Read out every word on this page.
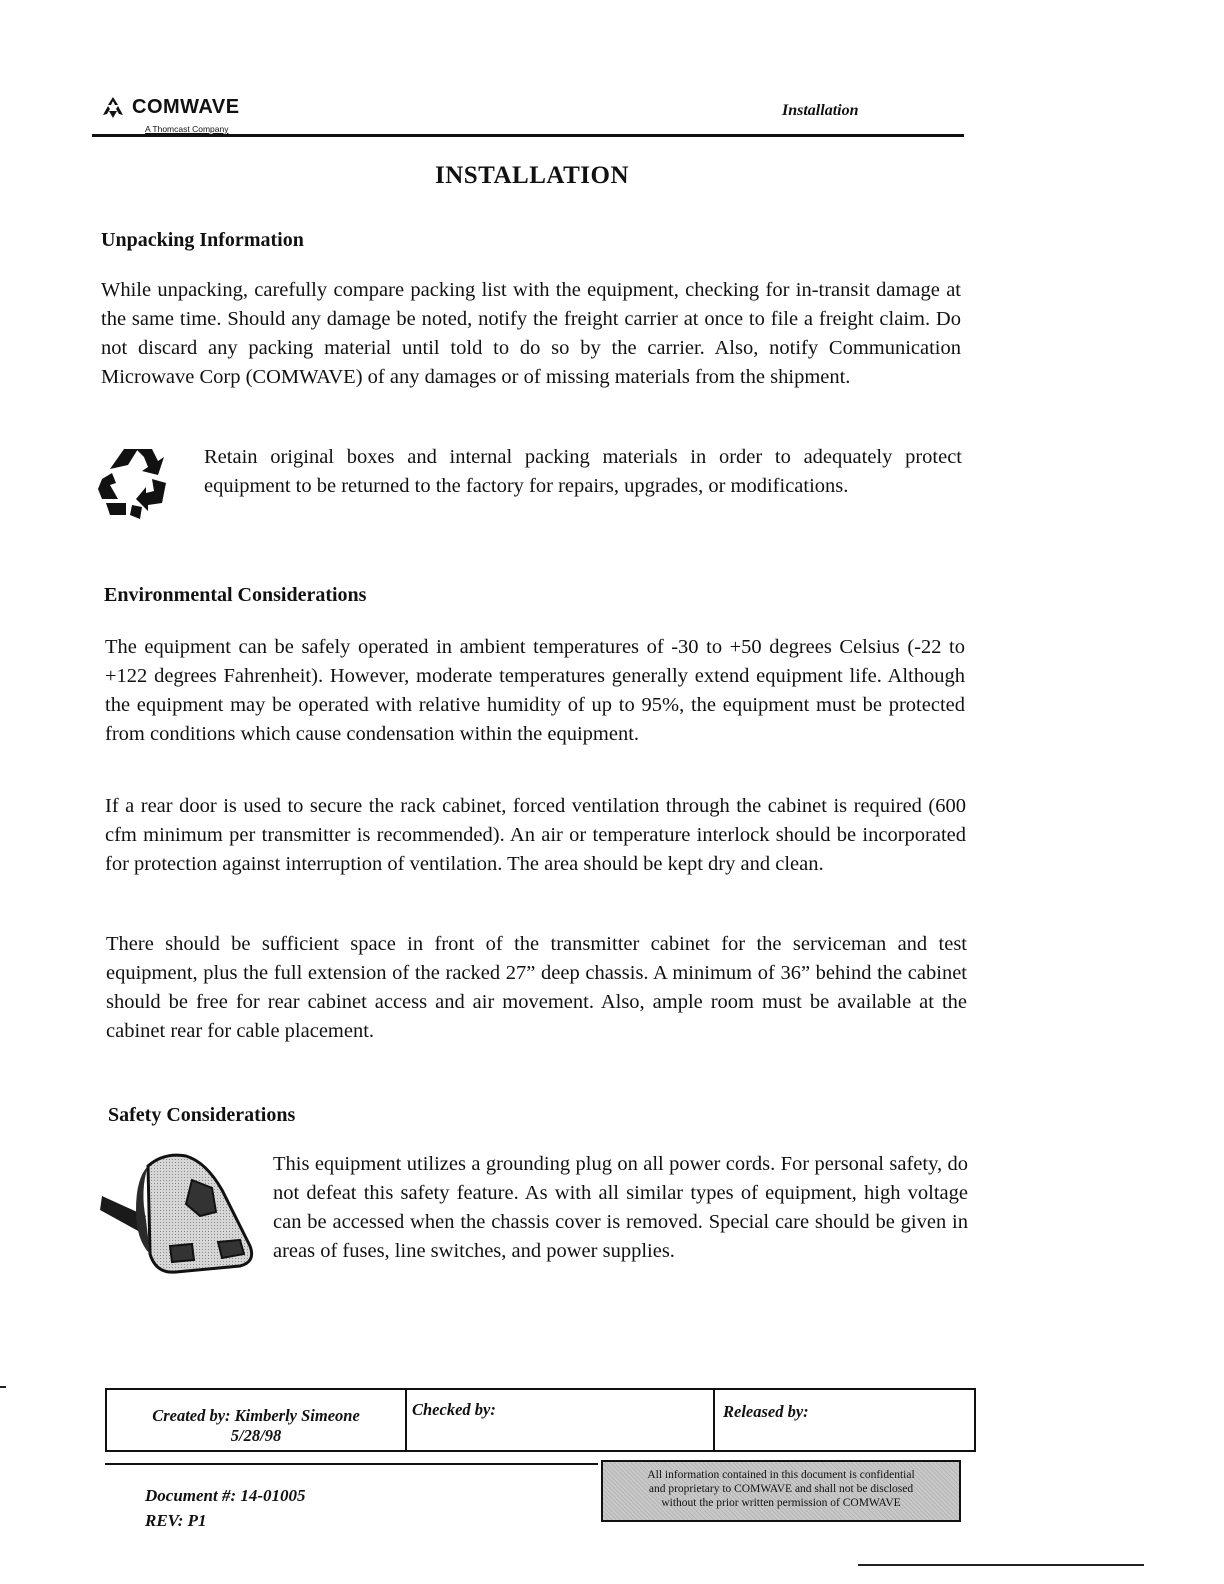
COMWAVE
A Thomcast Company
Installation
INSTALLATION
Unpacking Information
While unpacking, carefully compare packing list with the equipment, checking for in-transit damage at the same time. Should any damage be noted, notify the freight carrier at once to file a freight claim. Do not discard any packing material until told to do so by the carrier. Also, notify Communication Microwave Corp (COMWAVE) of any damages or of missing materials from the shipment.
Retain original boxes and internal packing materials in order to adequately protect equipment to be returned to the factory for repairs, upgrades, or modifications.
Environmental Considerations
The equipment can be safely operated in ambient temperatures of -30 to +50 degrees Celsius (-22 to +122 degrees Fahrenheit). However, moderate temperatures generally extend equipment life. Although the equipment may be operated with relative humidity of up to 95%, the equipment must be protected from conditions which cause condensation within the equipment.
If a rear door is used to secure the rack cabinet, forced ventilation through the cabinet is required (600 cfm minimum per transmitter is recommended). An air or temperature interlock should be incorporated for protection against interruption of ventilation. The area should be kept dry and clean.
There should be sufficient space in front of the transmitter cabinet for the serviceman and test equipment, plus the full extension of the racked 27” deep chassis. A minimum of 36” behind the cabinet should be free for rear cabinet access and air movement. Also, ample room must be available at the cabinet rear for cable placement.
Safety Considerations
This equipment utilizes a grounding plug on all power cords. For personal safety, do not defeat this safety feature. As with all similar types of equipment, high voltage can be accessed when the chassis cover is removed. Special care should be given in areas of fuses, line switches, and power supplies.
Created by: Kimberly Simeone
5/28/98
Checked by:	Released by:
Document #: 14-01005
REV: P1
All information contained in this document is confidential
and proprietary to COMWAVE and shall not be disclosed
without the prior written permission of COMWAVE
